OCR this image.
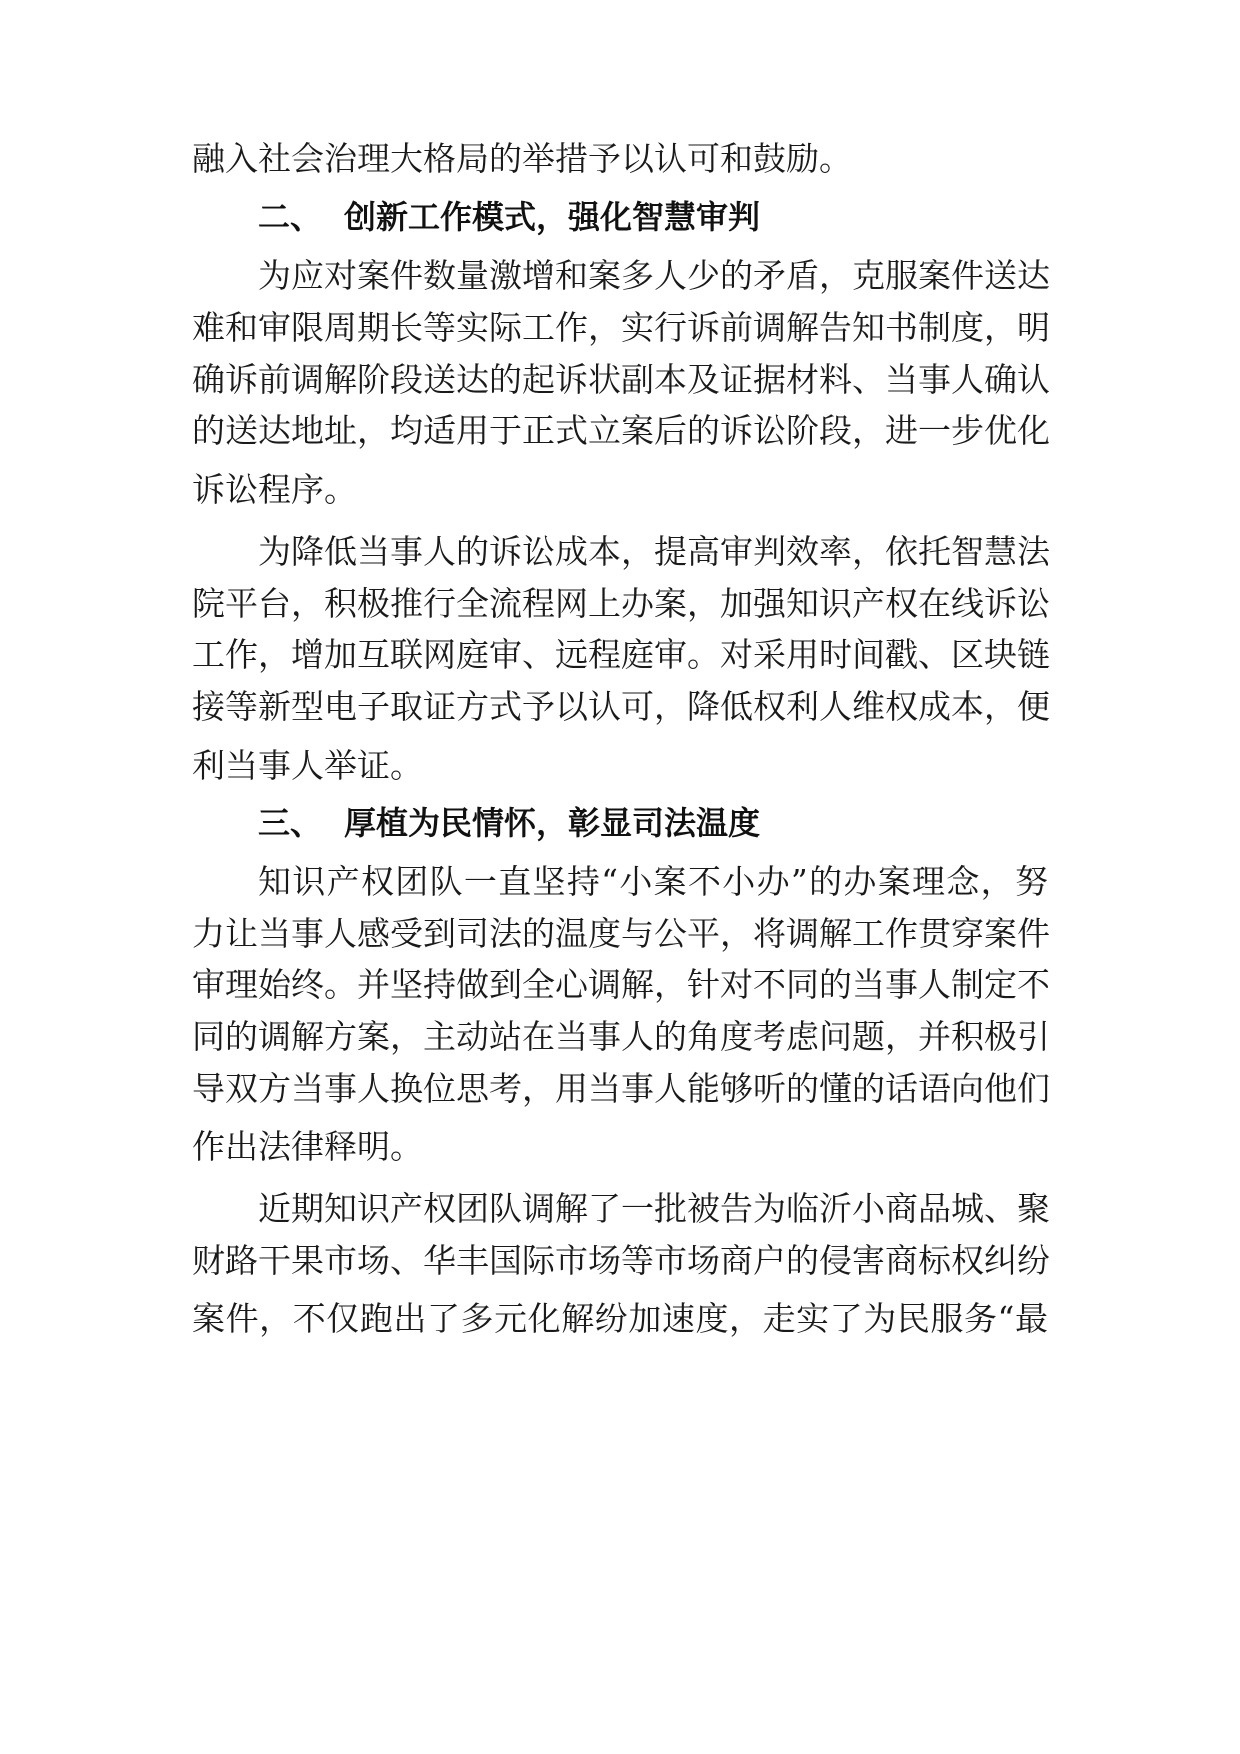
融入社会治理大格局的举措予以认可和鼓励。

二、 创新工作模式，强化智慧审判

为应对案件数量激增和案多人少的矛盾，克服案件送达

难和审限周期长等实际工作，实行诉前调解告知书制度，明

确诉前调解阶段送达的起诉状副本及证据材料、当事人确认

的送达地址，均适用于正式立案后的诉讼阶段，进一步优化

诉讼程序。

为降低当事人的诉讼成本，提高审判效率，依托智慧法

院平台，积极推行全流程网上办案，加强知识产权在线诉讼

工作，增加互联网庭审、远程庭审。对采用时间戳、区块链

接等新型电子取证方式予以认可，降低权利人维权成本，便

利当事人举证。

三、 厚植为民情怀，彰显司法温度

知识产权团队一直坚持“小案不小办”的办案理念，努

力让当事人感受到司法的温度与公平，将调解工作贯穿案件

审理始终。并坚持做到全心调解，针对不同的当事人制定不

同的调解方案，主动站在当事人的角度考虑问题，并积极引

导双方当事人换位思考，用当事人能够听的懂的话语向他们

作出法律释明。

近期知识产权团队调解了一批被告为临沂小商品城、聚

财路干果市场、华丰国际市场等市场商户的侵害商标权纠纷

案件，不仅跑出了多元化解纷加速度，走实了为民服务“最
